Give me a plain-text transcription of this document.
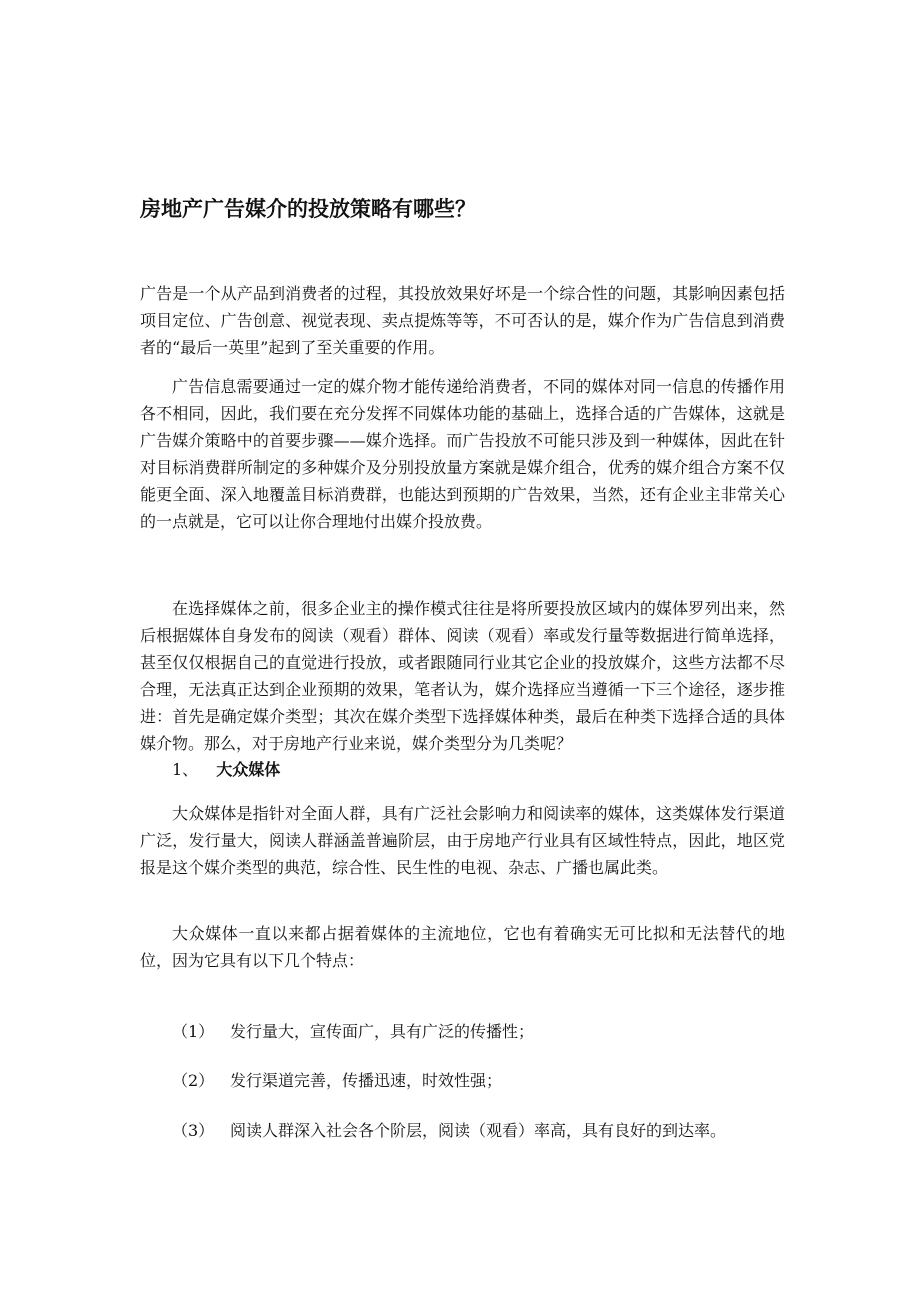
房地产广告媒介的投放策略有哪些？
广告是一个从产品到消费者的过程，其投放效果好坏是一个综合性的问题，其影响因素包括项目定位、广告创意、视觉表现、卖点提炼等等，不可否认的是，媒介作为广告信息到消费者的“最后一英里”起到了至关重要的作用。
广告信息需要通过一定的媒介物才能传递给消费者，不同的媒体对同一信息的传播作用各不相同，因此，我们要在充分发挥不同媒体功能的基础上，选择合适的广告媒体，这就是广告媒介策略中的首要步骤——媒介选择。而广告投放不可能只涉及到一种媒体，因此在针对目标消费群所制定的多种媒介及分别投放量方案就是媒介组合，优秀的媒介组合方案不仅能更全面、深入地覆盖目标消费群，也能达到预期的广告效果，当然，还有企业主非常关心的一点就是，它可以让你合理地付出媒介投放费。
在选择媒体之前，很多企业主的操作模式往往是将所要投放区域内的媒体罗列出来，然后根据媒体自身发布的阅读（观看）群体、阅读（观看）率或发行量等数据进行简单选择，甚至仅仅根据自己的直觉进行投放，或者跟随同行业其它企业的投放媒介，这些方法都不尽合理，无法真正达到企业预期的效果，笔者认为，媒介选择应当遵循一下三个途径，逐步推进：首先是确定媒介类型；其次在媒介类型下选择媒体种类，最后在种类下选择合适的具体媒介物。那么，对于房地产行业来说，媒介类型分为几类呢？
1、 大众媒体
大众媒体是指针对全面人群，具有广泛社会影响力和阅读率的媒体，这类媒体发行渠道广泛，发行量大，阅读人群涵盖普遍阶层，由于房地产行业具有区域性特点，因此，地区党报是这个媒介类型的典范，综合性、民生性的电视、杂志、广播也属此类。
大众媒体一直以来都占据着媒体的主流地位，它也有着确实无可比拟和无法替代的地位，因为它具有以下几个特点：
（1） 发行量大，宣传面广，具有广泛的传播性；
（2） 发行渠道完善，传播迅速，时效性强；
（3） 阅读人群深入社会各个阶层，阅读（观看）率高，具有良好的到达率。
